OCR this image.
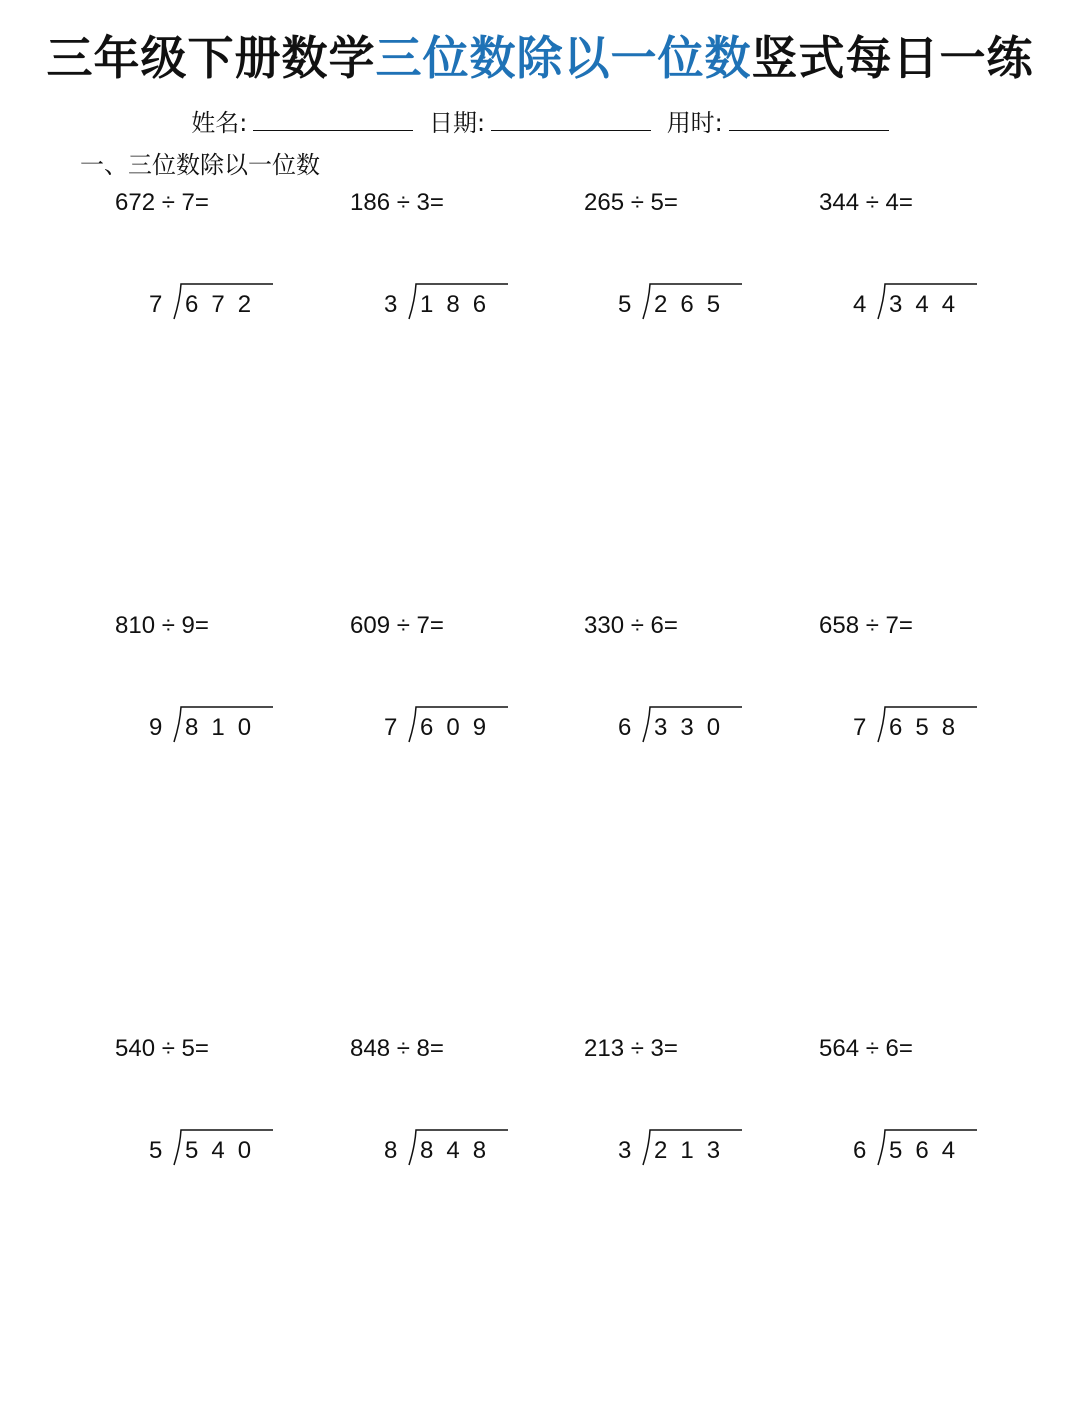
三年级下册数学三位数除以一位数竖式每日一练
姓名:	日期:	用时:
一、三位数除以一位数
672 ÷ 7=
7 672
186 ÷ 3=
3 186
265 ÷ 5=
5 265
344 ÷ 4=
4 344
810 ÷ 9=
9 810
609 ÷ 7=
7 609
330 ÷ 6=
6 330
658 ÷ 7=
7 658
540 ÷ 5=
5 540
848 ÷ 8=
8 848
213 ÷ 3=
3 213
564 ÷ 6=
6 564
